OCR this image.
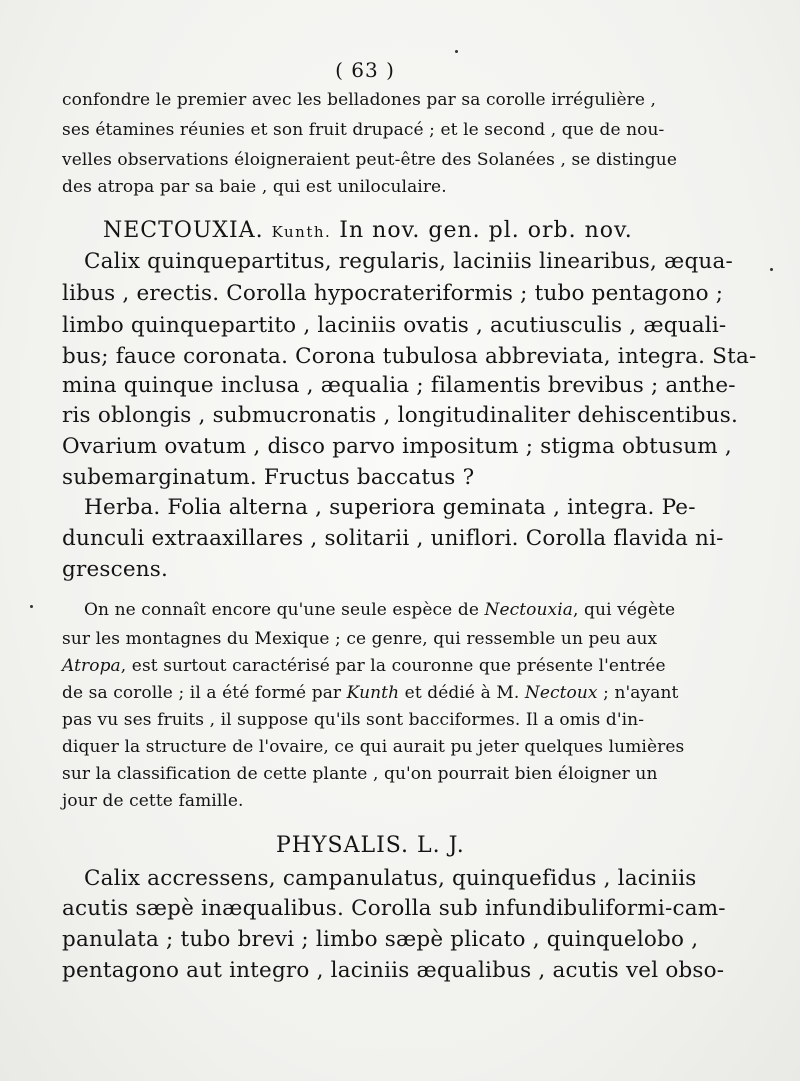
( 63 )
confondre le premier avec les belladones par sa corolle irrégulière ,
ses étamines réunies et son fruit drupacé ; et le second , que de nou-
velles observations éloigneraient peut-être des Solanées , se distingue
des atropa par sa baie , qui est uniloculaire.
NECTOUXIA. Kunth. In nov. gen. pl. orb. nov.
Calix quinquepartitus, regularis, laciniis linearibus, æqua-
libus , erectis. Corolla hypocrateriformis ; tubo pentagono ;
limbo quinquepartito , laciniis ovatis , acutiusculis , æquali-
bus; fauce coronata. Corona tubulosa abbreviata, integra. Sta-
mina quinque inclusa , æqualia ; filamentis brevibus ; anthe-
ris oblongis , submucronatis , longitudinaliter dehiscentibus.
Ovarium ovatum , disco parvo impositum ; stigma obtusum ,
subemarginatum. Fructus baccatus ?
Herba. Folia alterna , superiora geminata , integra. Pe-
dunculi extraaxillares , solitarii , uniflori. Corolla flavida ni-
grescens.
On ne connaît encore qu'une seule espèce de Nectouxia, qui végète
sur les montagnes du Mexique ; ce genre, qui ressemble un peu aux
Atropa, est surtout caractérisé par la couronne que présente l'entrée
de sa corolle ; il a été formé par Kunth et dédié à M. Nectoux ; n'ayant
pas vu ses fruits , il suppose qu'ils sont bacciformes. Il a omis d'in-
diquer la structure de l'ovaire, ce qui aurait pu jeter quelques lumières
sur la classification de cette plante , qu'on pourrait bien éloigner un
jour de cette famille.
PHYSALIS. L. J.
Calix accressens, campanulatus, quinquefidus , laciniis
acutis sæpè inæqualibus. Corolla sub infundibuliformi-cam-
panulata ; tubo brevi ; limbo sæpè plicato , quinquelobo ,
pentagono aut integro , laciniis æqualibus , acutis vel obso-
